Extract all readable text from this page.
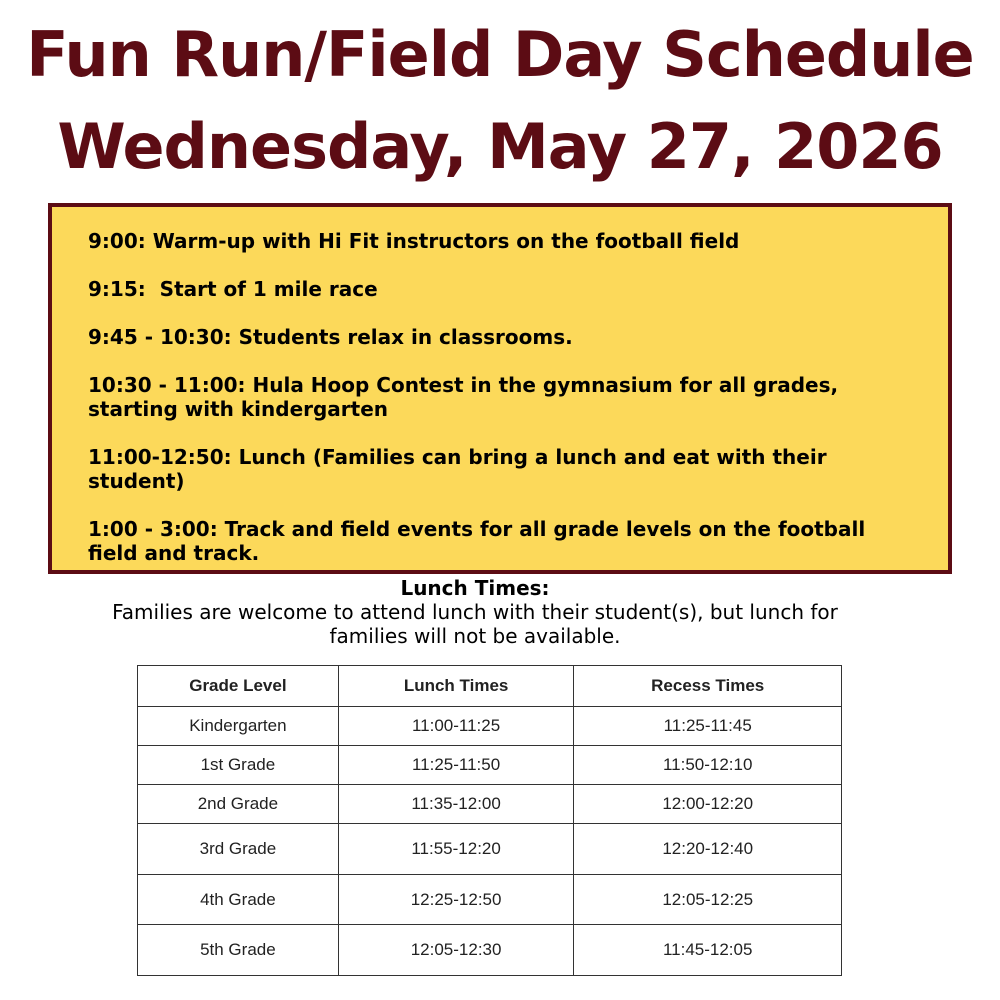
Fun Run/Field Day Schedule
Wednesday, May 27, 2026
9:00: Warm-up with Hi Fit instructors on the football field
9:15:  Start of 1 mile race
9:45 - 10:30: Students relax in classrooms.
10:30 - 11:00: Hula Hoop Contest in the gymnasium for all grades, starting with kindergarten
11:00-12:50: Lunch (Families can bring a lunch and eat with their student)
1:00 - 3:00: Track and field events for all grade levels on the football field and track.
Lunch Times:
Families are welcome to attend lunch with their student(s), but lunch for families will not be available.
Grade Level	Lunch Times	Recess Times
Kindergarten	11:00-11:25	11:25-11:45
1st Grade	11:25-11:50	11:50-12:10
2nd Grade	11:35-12:00	12:00-12:20
3rd Grade	11:55-12:20	12:20-12:40
4th Grade	12:25-12:50	12:05-12:25
5th Grade	12:05-12:30	11:45-12:05
